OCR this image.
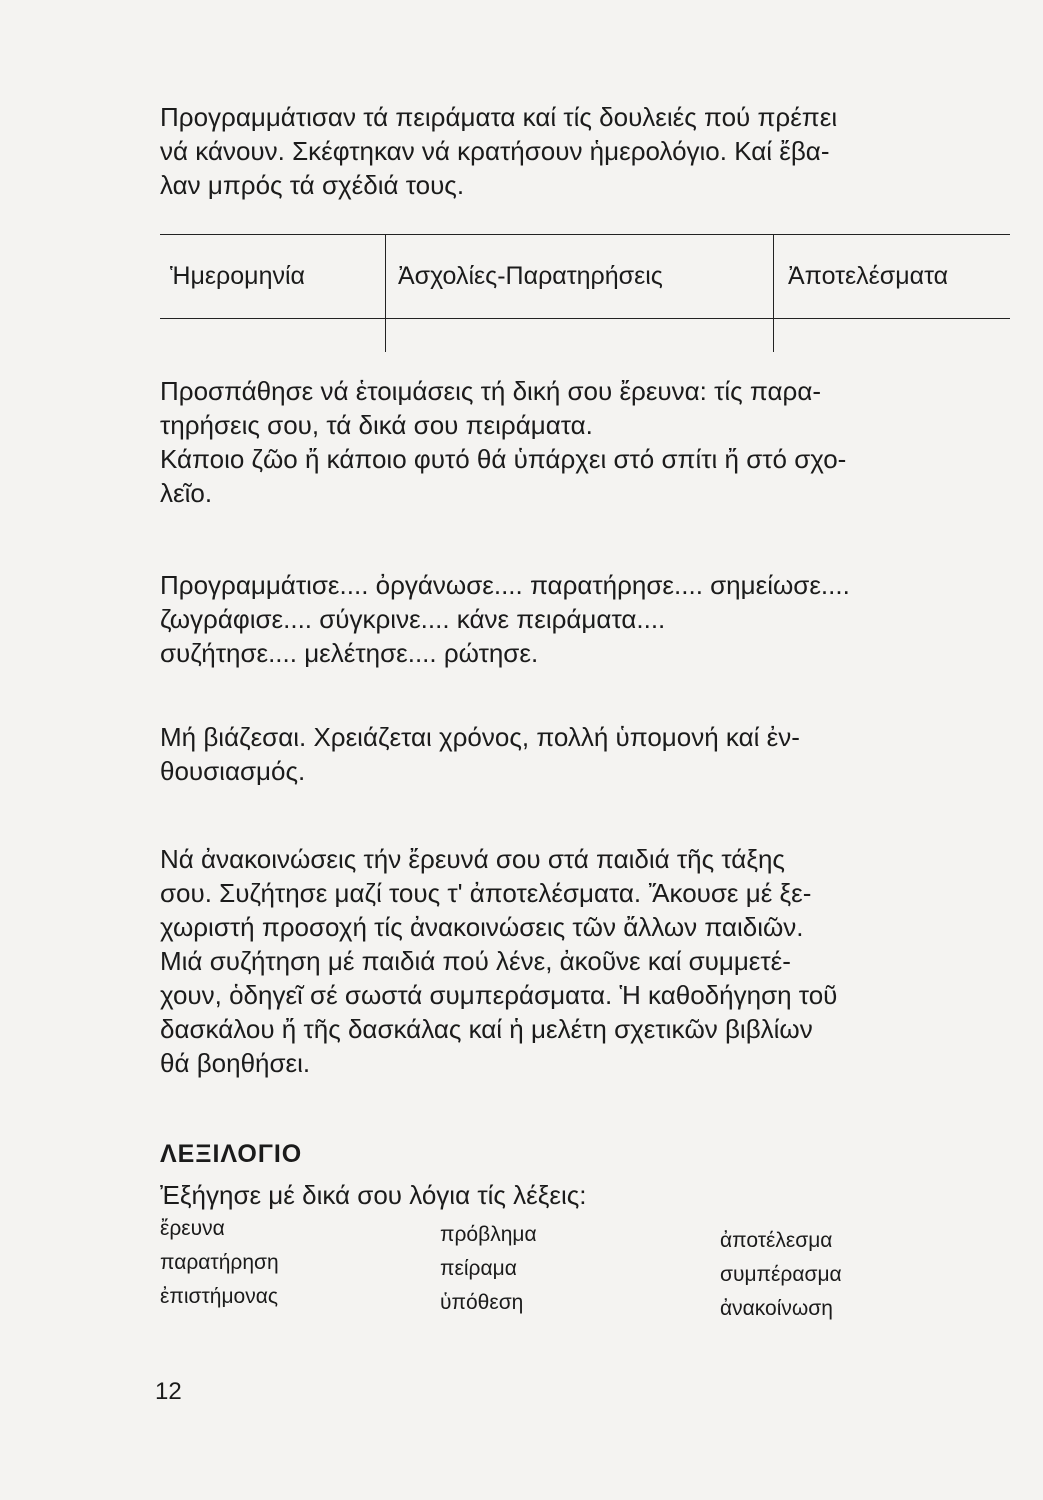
Προγραμμάτισαν τά πειράματα καί τίς δουλειές πού πρέπει
νά κάνουν. Σκέφτηκαν νά κρατήσουν ἡμερολόγιο. Καί ἔβα-
λαν μπρός τά σχέδιά τους.

Ἡμερομηνία	Ἀσχολίες-Παρατηρήσεις	Ἀποτελέσματα

Προσπάθησε νά ἑτοιμάσεις τή δική σου ἔρευνα: τίς παρα-
τηρήσεις σου, τά δικά σου πειράματα.
Κάποιο ζῶο ἤ κάποιο φυτό θά ὑπάρχει στό σπίτι ἤ στό σχο-
λεῖο.

Προγραμμάτισε.... ὀργάνωσε.... παρατήρησε.... σημείωσε....
ζωγράφισε.... σύγκρινε.... κάνε πειράματα....
συζήτησε.... μελέτησε.... ρώτησε.

Μή βιάζεσαι. Χρειάζεται χρόνος, πολλή ὑπομονή καί ἐν-
θουσιασμός.

Νά ἀνακοινώσεις τήν ἔρευνά σου στά παιδιά τῆς τάξης
σου. Συζήτησε μαζί τους τ' ἀποτελέσματα. Ἄκουσε μέ ξε-
χωριστή προσοχή τίς ἀνακοινώσεις τῶν ἄλλων παιδιῶν.
Μιά συζήτηση μέ παιδιά πού λένε, ἀκοῦνε καί συμμετέ-
χουν, ὁδηγεῖ σέ σωστά συμπεράσματα. Ἡ καθοδήγηση τοῦ
δασκάλου ἤ τῆς δασκάλας καί ἡ μελέτη σχετικῶν βιβλίων
θά βοηθήσει.

ΛΕΞΙΛΟΓΙΟ
Ἐξήγησε μέ δικά σου λόγια τίς λέξεις:
ἔρευνα
παρατήρηση
ἐπιστήμονας
πρόβλημα
πείραμα
ὑπόθεση
ἀποτέλεσμα
συμπέρασμα
ἀνακοίνωση
12
